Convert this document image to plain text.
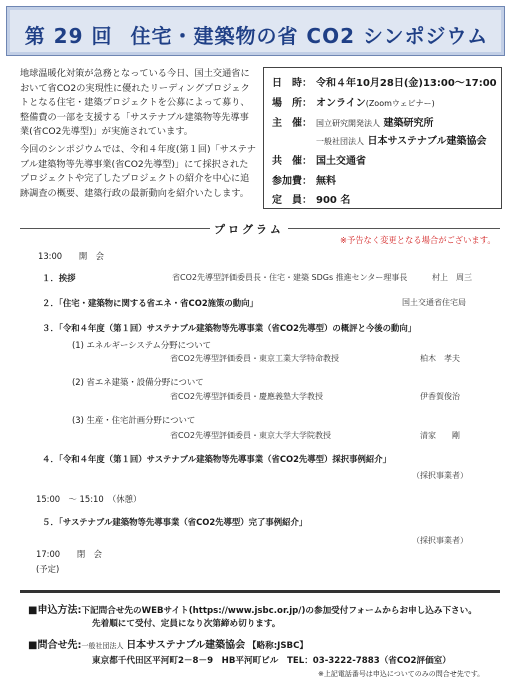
第 29 回 住宅・建築物の省 CO2 シンポジウム
地球温暖化対策が急務となっている今日、国土交通省において省CO2の実現性に優れたリーディングプロジェクトとなる住宅・建築プロジェクトを公募によって募り、整備費の一部を支援する「サステナブル建築物等先導事業(省CO2先導型)」が実施されています。
今回のシンポジウムでは、令和４年度(第１回)「サステナブル建築物等先導事業(省CO2先導型)」にて採択されたプロジェクトや完了したプロジェクトの紹介を中心に追跡調査の概要、建築行政の最新動向を紹介いたします。
日　時： 令和４年10月28日(金)13:00～17:00
場　所： オンライン(Zoomウェビナー)
主　催： 国立研究開発法人 建築研究所
一般社団法人 日本サステナブル建築協会
共　催： 国土交通省
参加費： 無料
定　員： 900 名
プログラム
※予告なく変更となる場合がございます。
13:00　　 開　会
１．挨拶	省CO2先導型評価委員長・住宅・建築 SDGs 推進センター理事長	村上　周三
２．「住宅・建築物に関する省エネ・省CO2施策の動向」	国土交通省住宅局
３．「令和４年度（第１回）サステナブル建築物等先導事業（省CO2先導型）の概評と今後の動向」
(1) エネルギーシステム分野について
省CO2先導型評価委員・東京工業大学特命教授	柏木　孝夫
(2) 省エネ建築・設備分野について
省CO2先導型評価委員・慶應義塾大学教授	伊香賀俊治
(3) 生産・住宅計画分野について
省CO2先導型評価委員・東京大学大学院教授	清家　　剛
４．「令和４年度（第１回）サステナブル建築物等先導事業（省CO2先導型）採択事例紹介」
（採択事業者）
15:00　～ 15:10　 （休憩）
５．「サステナブル建築物等先導事業（省CO2先導型）完了事例紹介」
（採択事業者）
17:00　　 閉　会
(予定)
■申込方法:下記問合せ先のWEBサイト(https://www.jsbc.or.jp/)の参加受付フォームからお申し込み下さい。
先着順にて受付、定員になり次第締め切ります。
■問合せ先:一般社団法人 日本サステナブル建築協会 【略称:JSBC】
東京都千代田区平河町2－8－9　HB平河町ビル　 TEL：03-3222-7883（省CO2評価室）
※上記電話番号は申込についてのみの問合せ先です。
